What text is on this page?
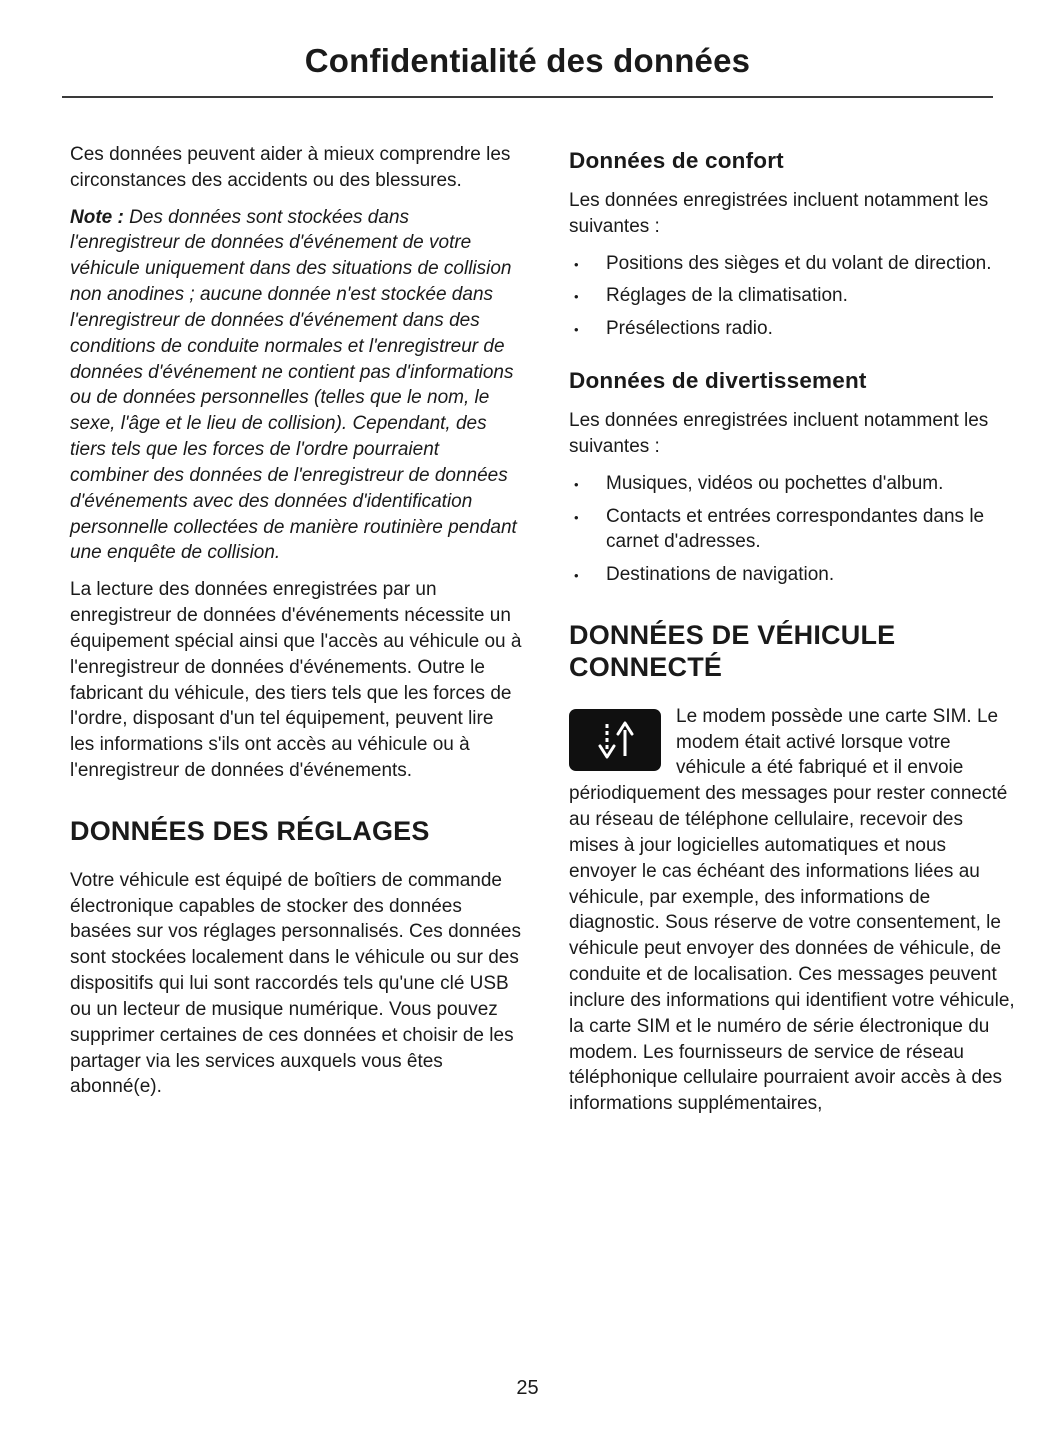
Confidentialité des données

Ces données peuvent aider à mieux comprendre les circonstances des accidents ou des blessures.

Note : Des données sont stockées dans l'enregistreur de données d'événement de votre véhicule uniquement dans des situations de collision non anodines ; aucune donnée n'est stockée dans l'enregistreur de données d'événement dans des conditions de conduite normales et l'enregistreur de données d'événement ne contient pas d'informations ou de données personnelles (telles que le nom, le sexe, l'âge et le lieu de collision). Cependant, des tiers tels que les forces de l'ordre pourraient combiner des données de l'enregistreur de données d'événements avec des données d'identification personnelle collectées de manière routinière pendant une enquête de collision.

La lecture des données enregistrées par un enregistreur de données d'événements nécessite un équipement spécial ainsi que l'accès au véhicule ou à l'enregistreur de données d'événements. Outre le fabricant du véhicule, des tiers tels que les forces de l'ordre, disposant d'un tel équipement, peuvent lire les informations s'ils ont accès au véhicule ou à l'enregistreur de données d'événements.

DONNÉES DES RÉGLAGES

Votre véhicule est équipé de boîtiers de commande électronique capables de stocker des données basées sur vos réglages personnalisés. Ces données sont stockées localement dans le véhicule ou sur des dispositifs qui lui sont raccordés tels qu'une clé USB ou un lecteur de musique numérique. Vous pouvez supprimer certaines de ces données et choisir de les partager via les services auxquels vous êtes abonné(e).

Données de confort

Les données enregistrées incluent notamment les suivantes :

•	Positions des sièges et du volant de direction.
•	Réglages de la climatisation.
•	Présélections radio.
Données de divertissement

Les données enregistrées incluent notamment les suivantes :

•	Musiques, vidéos ou pochettes d'album.
•	Contacts et entrées correspondantes dans le carnet d'adresses.
•	Destinations de navigation.
DONNÉES DE VÉHICULE CONNECTÉ

Le modem possède une carte SIM. Le modem était activé lorsque votre véhicule a été fabriqué et il envoie périodiquement des messages pour rester connecté au réseau de téléphone cellulaire, recevoir des mises à jour logicielles automatiques et nous envoyer le cas échéant des informations liées au véhicule, par exemple, des informations de diagnostic. Sous réserve de votre consentement, le véhicule peut envoyer des données de véhicule, de conduite et de localisation. Ces messages peuvent inclure des informations qui identifient votre véhicule, la carte SIM et le numéro de série électronique du modem. Les fournisseurs de service de réseau téléphonique cellulaire pourraient avoir accès à des informations supplémentaires,

25
